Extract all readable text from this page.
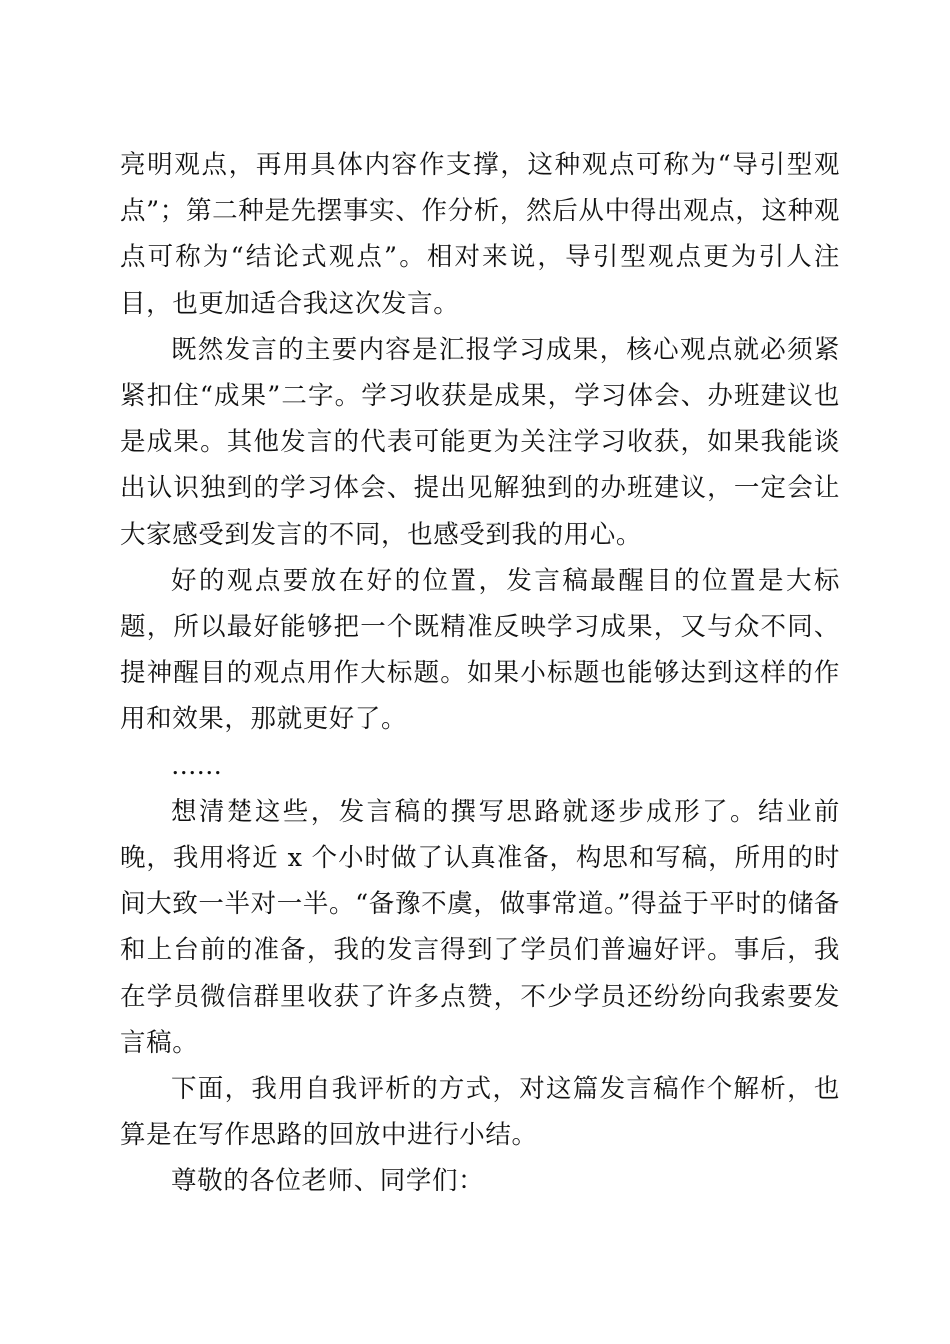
亮明观点，再用具体内容作支撑，这种观点可称为“导引型观点”；第二种是先摆事实、作分析，然后从中得出观点，这种观点可称为“结论式观点”。相对来说，导引型观点更为引人注目，也更加适合我这次发言。

既然发言的主要内容是汇报学习成果，核心观点就必须紧紧扣住“成果”二字。学习收获是成果，学习体会、办班建议也是成果。其他发言的代表可能更为关注学习收获，如果我能谈出认识独到的学习体会、提出见解独到的办班建议，一定会让大家感受到发言的不同，也感受到我的用心。

好的观点要放在好的位置，发言稿最醒目的位置是大标题，所以最好能够把一个既精准反映学习成果，又与众不同、提神醒目的观点用作大标题。如果小标题也能够达到这样的作用和效果，那就更好了。

……

想清楚这些，发言稿的撰写思路就逐步成形了。结业前晚，我用将近 x 个小时做了认真准备，构思和写稿，所用的时间大致一半对一半。“备豫不虞，做事常道。”得益于平时的储备和上台前的准备，我的发言得到了学员们普遍好评。事后，我在学员微信群里收获了许多点赞，不少学员还纷纷向我索要发言稿。

下面，我用自我评析的方式，对这篇发言稿作个解析，也算是在写作思路的回放中进行小结。

尊敬的各位老师、同学们：
